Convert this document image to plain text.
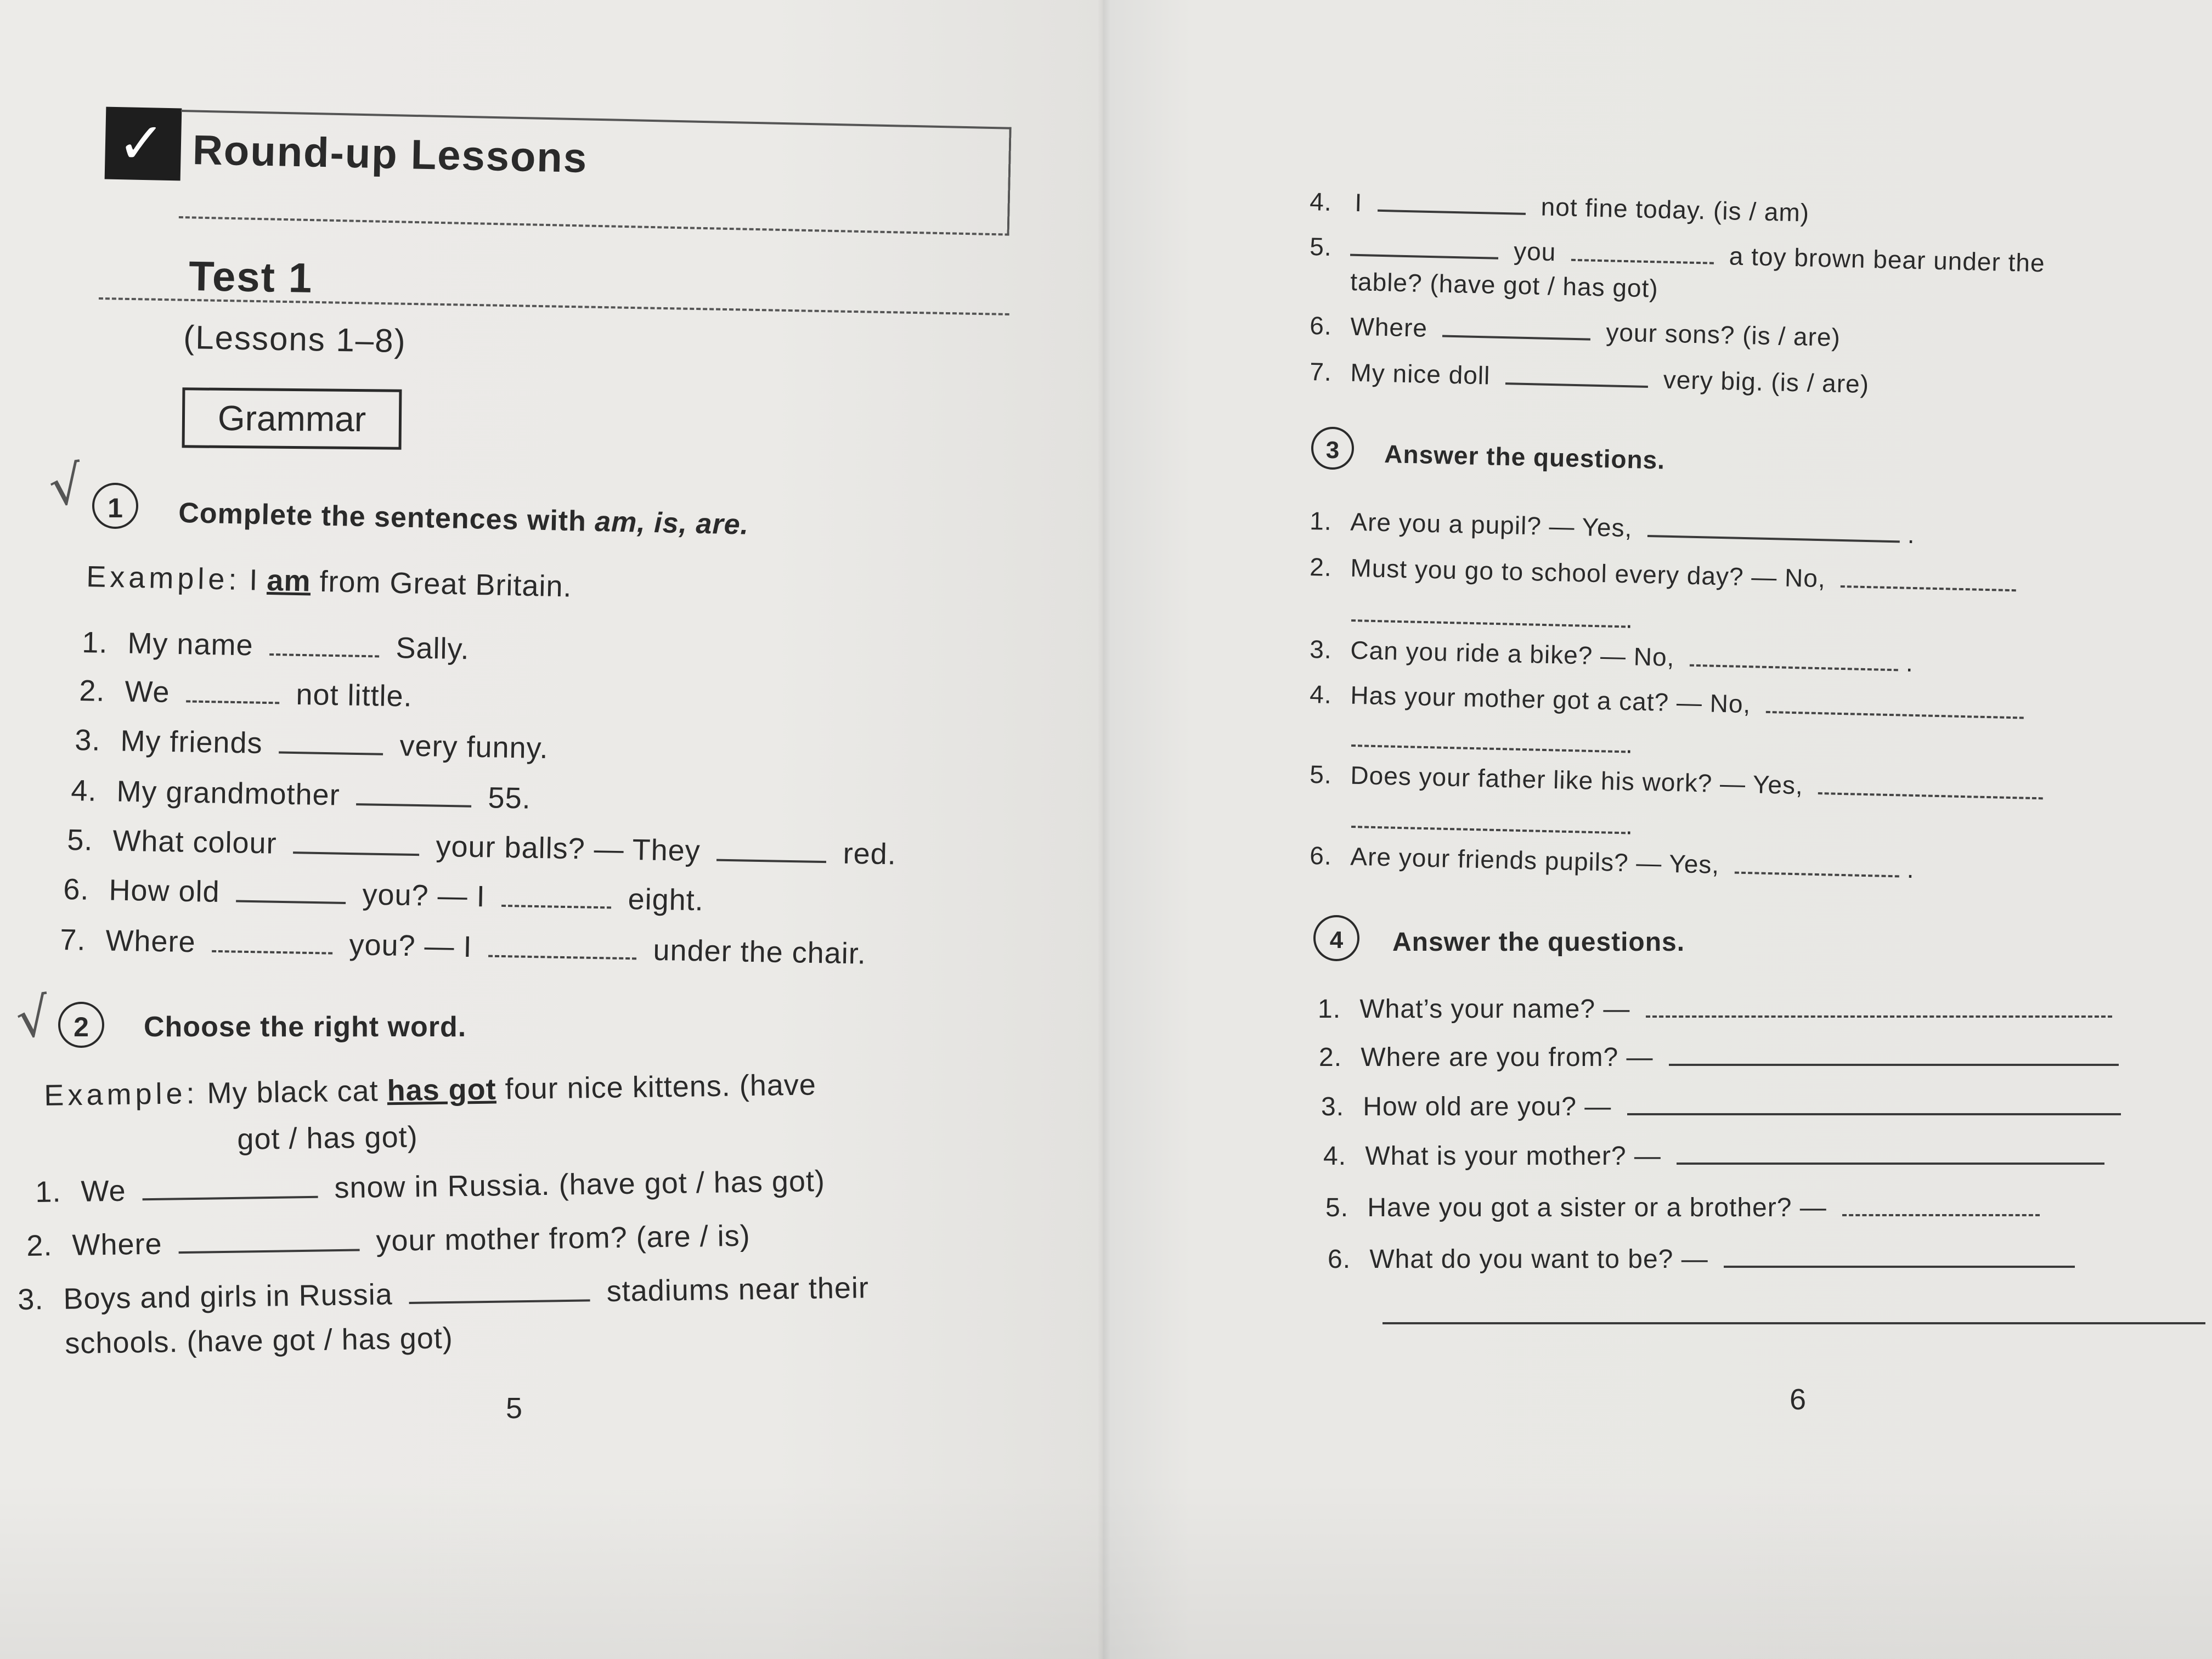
✓ Round-up Lessons
Test 1
(Lessons 1–8)
Grammar
√ 1	Complete the sentences with am, is, are.
Example: I am from Great Britain.
1. My name	Sally.
2. We	not little.
3. My friends	very funny.
4. My grandmother	55.
5. What colour	your balls? — They	red.
6. How old	you? — I	eight.
7. Where	you? — I	under the chair.
√ 2	Choose the right word.
Example: My black cat has got four nice kittens. (have
got / has got)
1. We	snow in Russia. (have got / has got)
2. Where	your mother from? (are / is)
3. Boys and girls in Russia	stadiums near their
schools. (have got / has got)
5
4. I	not fine today. (is / am)
5.	you	a toy brown bear under the
table? (have got / has got)
6. Where	your sons? (is / are)
7. My nice doll	very big. (is / are)
3	Answer the questions.
1. Are you a pupil? — Yes,	.
2. Must you go to school every day? — No,
.
3. Can you ride a bike? — No,	.
4. Has your mother got a cat? — No,
.
5. Does your father like his work? — Yes,
.
6. Are your friends pupils? — Yes,	.
4	Answer the questions.
1. What’s your name? —
2. Where are you from? —
3. How old are you? —
4. What is your mother? —
5. Have you got a sister or a brother? —
6. What do you want to be? —
6
